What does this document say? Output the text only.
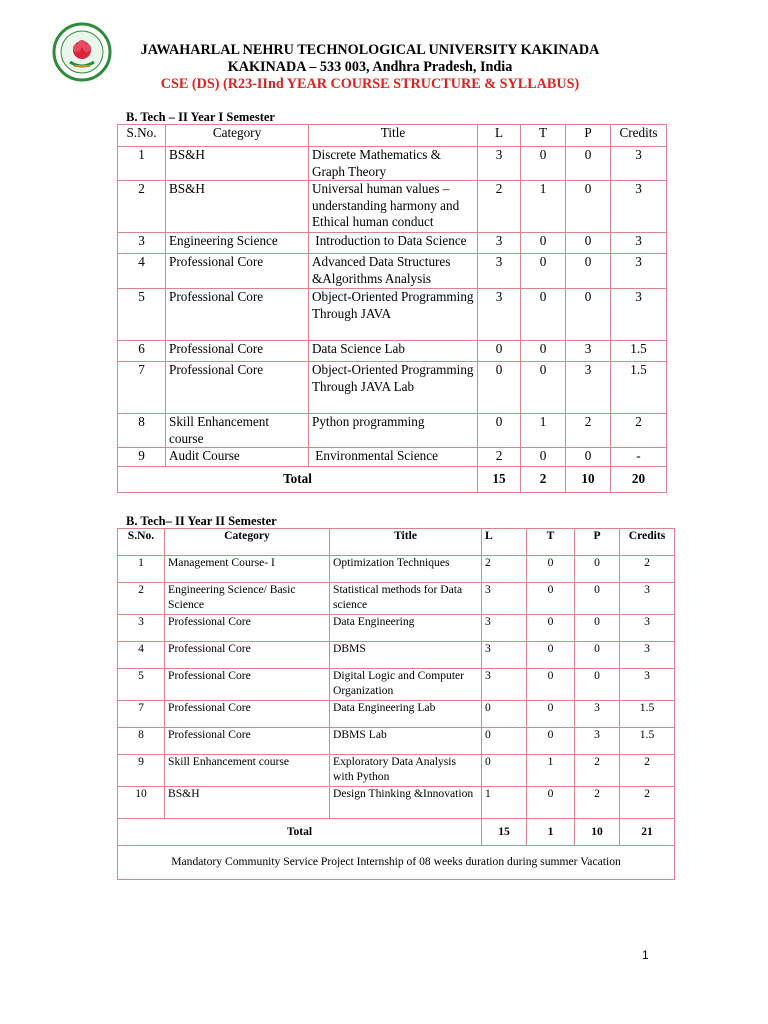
JAWAHARLAL NEHRU TECHNOLOGICAL UNIVERSITY KAKINADA
KAKINADA – 533 003, Andhra Pradesh, India
CSE (DS) (R23-IInd YEAR COURSE STRUCTURE & SYLLABUS)
B. Tech – II Year I Semester
S.No.	Category	Title	L	T	P	Credits
1	BS&H	Discrete Mathematics & Graph Theory	3	0	0	3
2	BS&H	Universal human values – understanding harmony and Ethical human conduct	2	1	0	3
3	Engineering Science	Introduction to Data Science	3	0	0	3
4	Professional Core	Advanced Data Structures &Algorithms Analysis	3	0	0	3
5	Professional Core	Object-Oriented Programming Through JAVA	3	0	0	3
6	Professional Core	Data Science Lab	0	0	3	1.5
7	Professional Core	Object-Oriented Programming Through JAVA Lab	0	0	3	1.5
8	Skill Enhancement course	Python programming	0	1	2	2
9	Audit Course	Environmental Science	2	0	0	-
Total			15	2	10	20
B. Tech– II Year II Semester
S.No.	Category	Title	L	T	P	Credits
1	Management Course- I	Optimization Techniques	2	0	0	2
2	Engineering Science/ Basic Science	Statistical methods for Data science	3	0	0	3
3	Professional Core	Data Engineering	3	0	0	3
4	Professional Core	DBMS	3	0	0	3
5	Professional Core	Digital Logic and Computer Organization	3	0	0	3
7	Professional Core	Data Engineering Lab	0	0	3	1.5
8	Professional Core	DBMS Lab	0	0	3	1.5
9	Skill Enhancement course	Exploratory Data Analysis with Python	0	1	2	2
10	BS&H	Design Thinking &Innovation	1	0	2	2
Total			15	1	10	21
Mandatory Community Service Project Internship of 08 weeks duration during summer Vacation						
1
